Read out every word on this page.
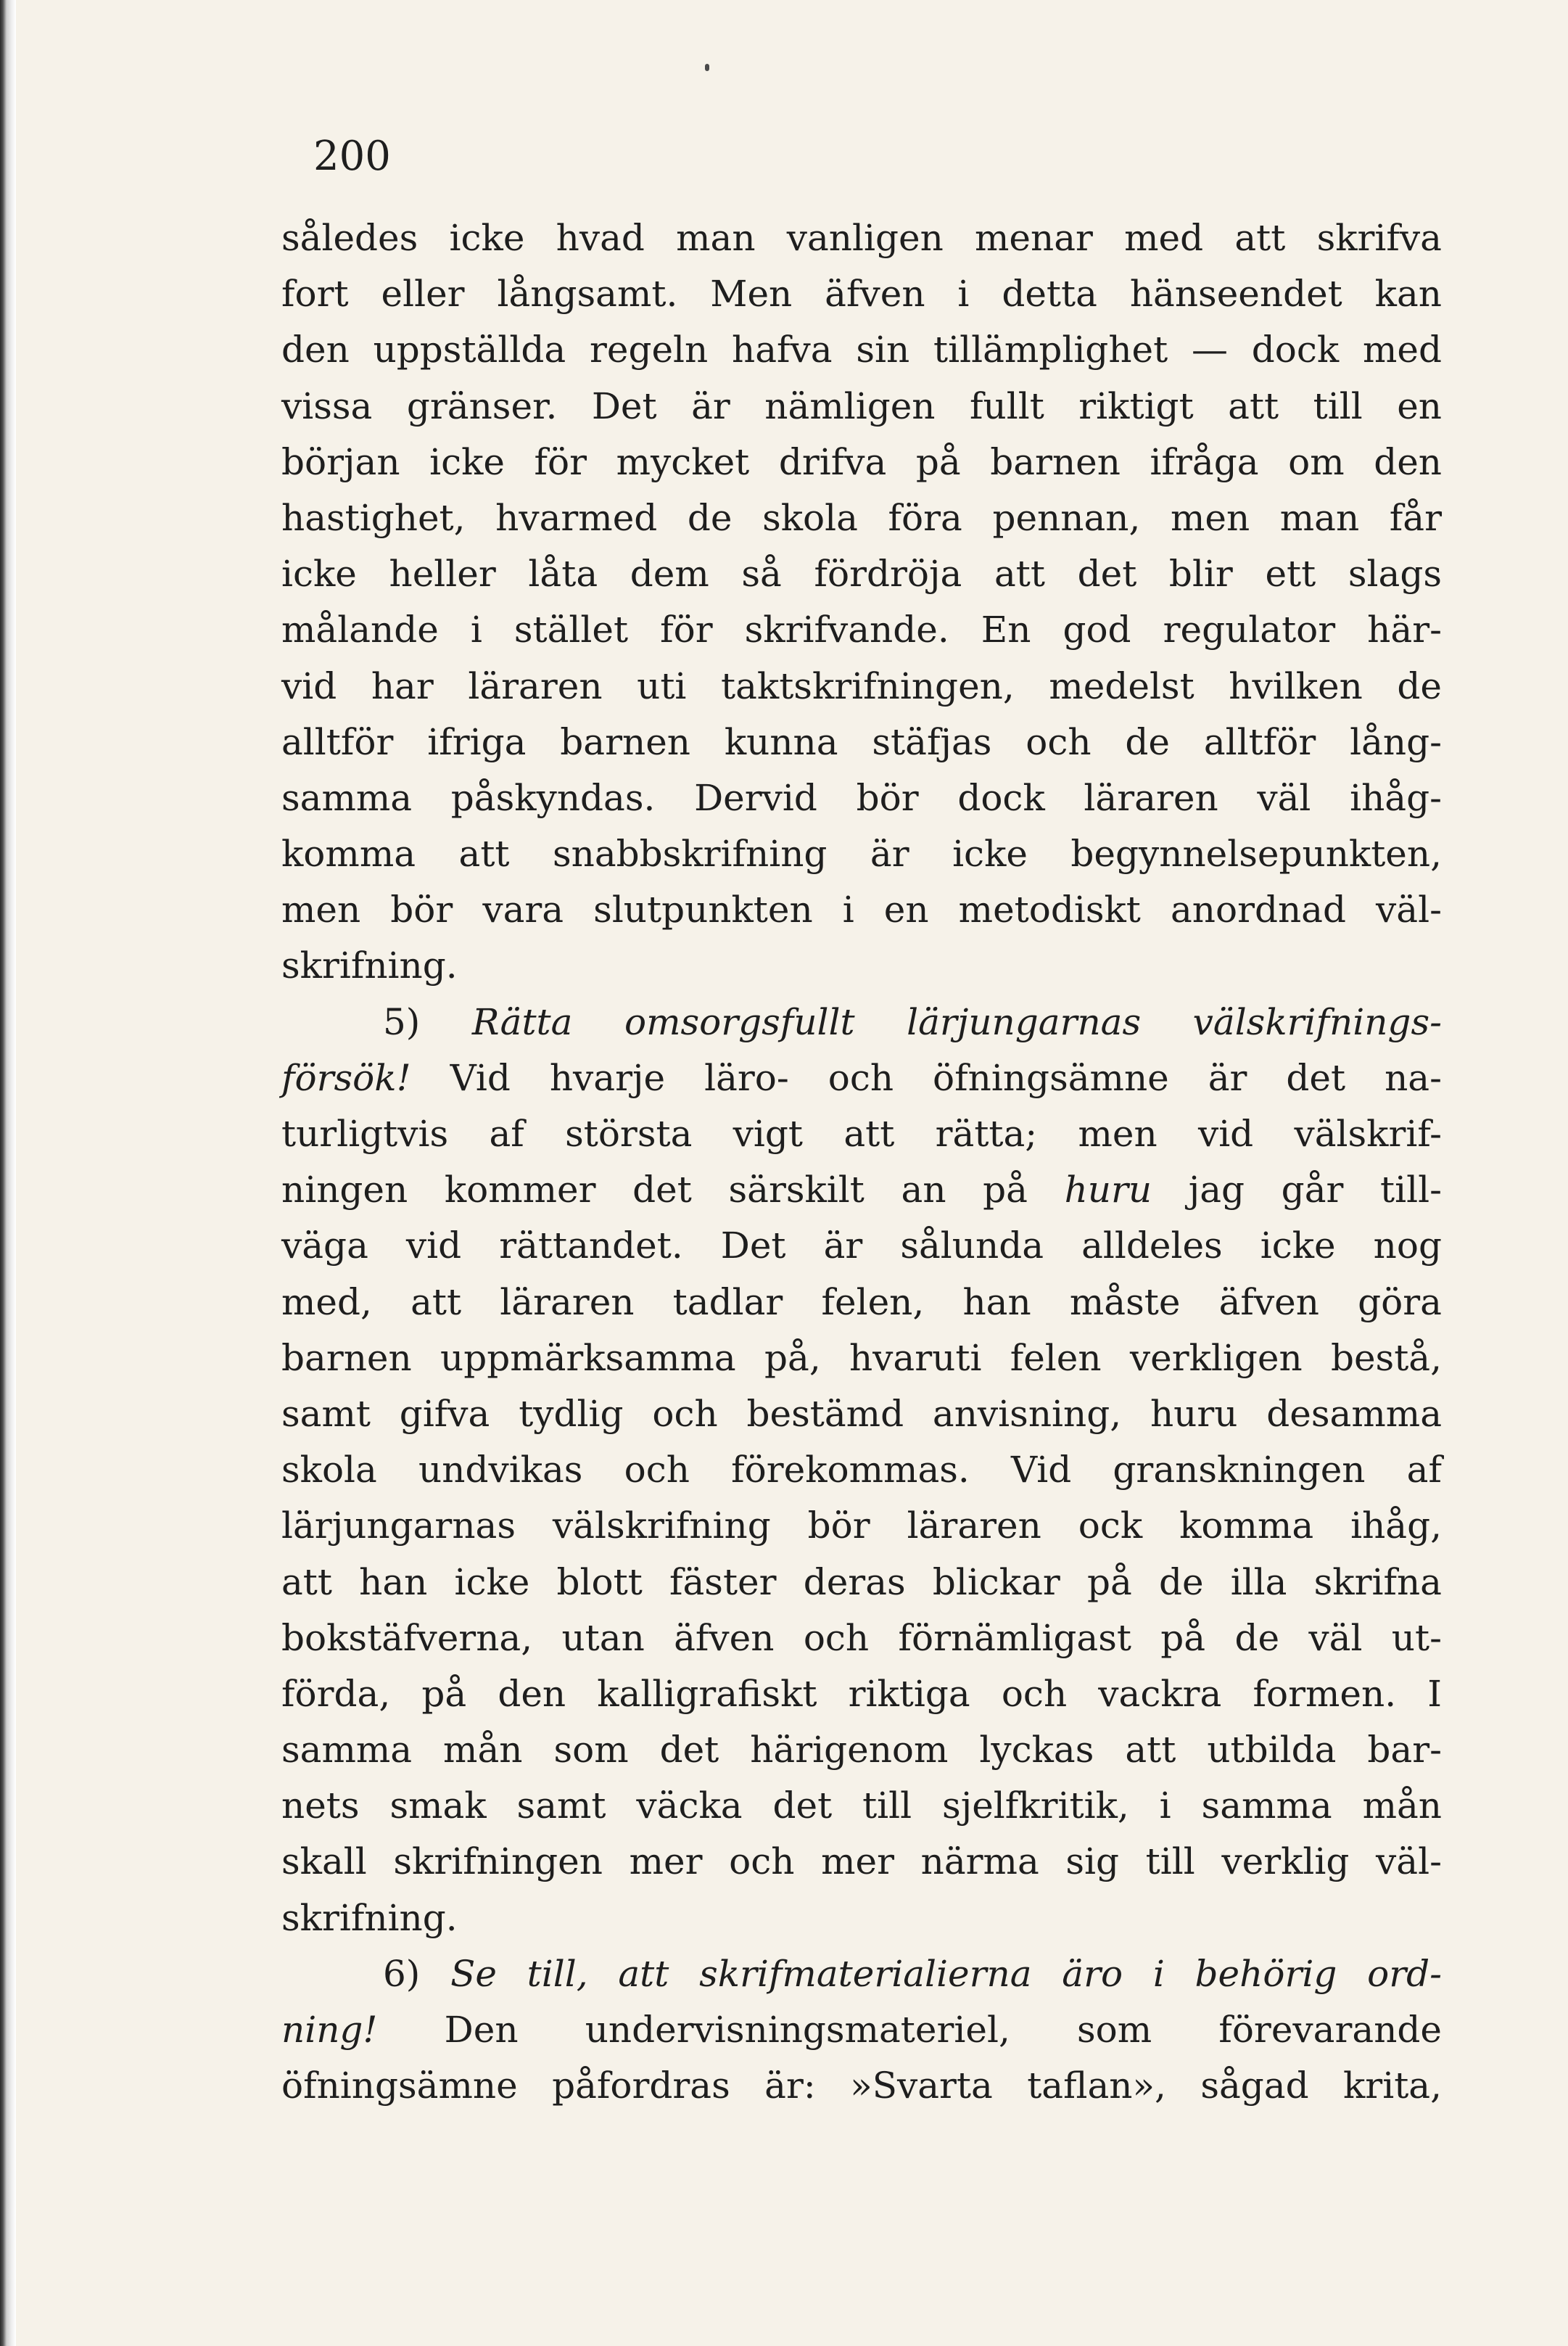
200
således icke hvad man vanligen menar med att skrifva
fort eller långsamt. Men äfven i detta hänseendet kan
den uppställda regeln hafva sin tillämplighet — dock med
vissa gränser. Det är nämligen fullt riktigt att till en
början icke för mycket drifva på barnen ifråga om den
hastighet, hvarmed de skola föra pennan, men man får
icke heller låta dem så fördröja att det blir ett slags
målande i stället för skrifvande. En god regulator här-
vid har läraren uti taktskrifningen, medelst hvilken de
alltför ifriga barnen kunna stäfjas och de alltför lång-
samma påskyndas. Dervid bör dock läraren väl ihåg-
komma att snabbskrifning är icke begynnelsepunkten,
men bör vara slutpunkten i en metodiskt anordnad väl-
skrifning.
5) Rätta omsorgsfullt lärjungarnas välskrifnings-
försök! Vid hvarje läro- och öfningsämne är det na-
turligtvis af största vigt att rätta; men vid välskrif-
ningen kommer det särskilt an på huru jag går till-
väga vid rättandet. Det är sålunda alldeles icke nog
med, att läraren tadlar felen, han måste äfven göra
barnen uppmärksamma på, hvaruti felen verkligen bestå,
samt gifva tydlig och bestämd anvisning, huru desamma
skola undvikas och förekommas. Vid granskningen af
lärjungarnas välskrifning bör läraren ock komma ihåg,
att han icke blott fäster deras blickar på de illa skrifna
bokstäfverna, utan äfven och förnämligast på de väl ut-
förda, på den kalligrafiskt riktiga och vackra formen. I
samma mån som det härigenom lyckas att utbilda bar-
nets smak samt väcka det till sjelfkritik, i samma mån
skall skrifningen mer och mer närma sig till verklig väl-
skrifning.
6) Se till, att skrifmaterialierna äro i behörig ord-
ning! Den undervisningsmateriel, som förevarande
öfningsämne påfordras är: »Svarta taflan», sågad krita,
